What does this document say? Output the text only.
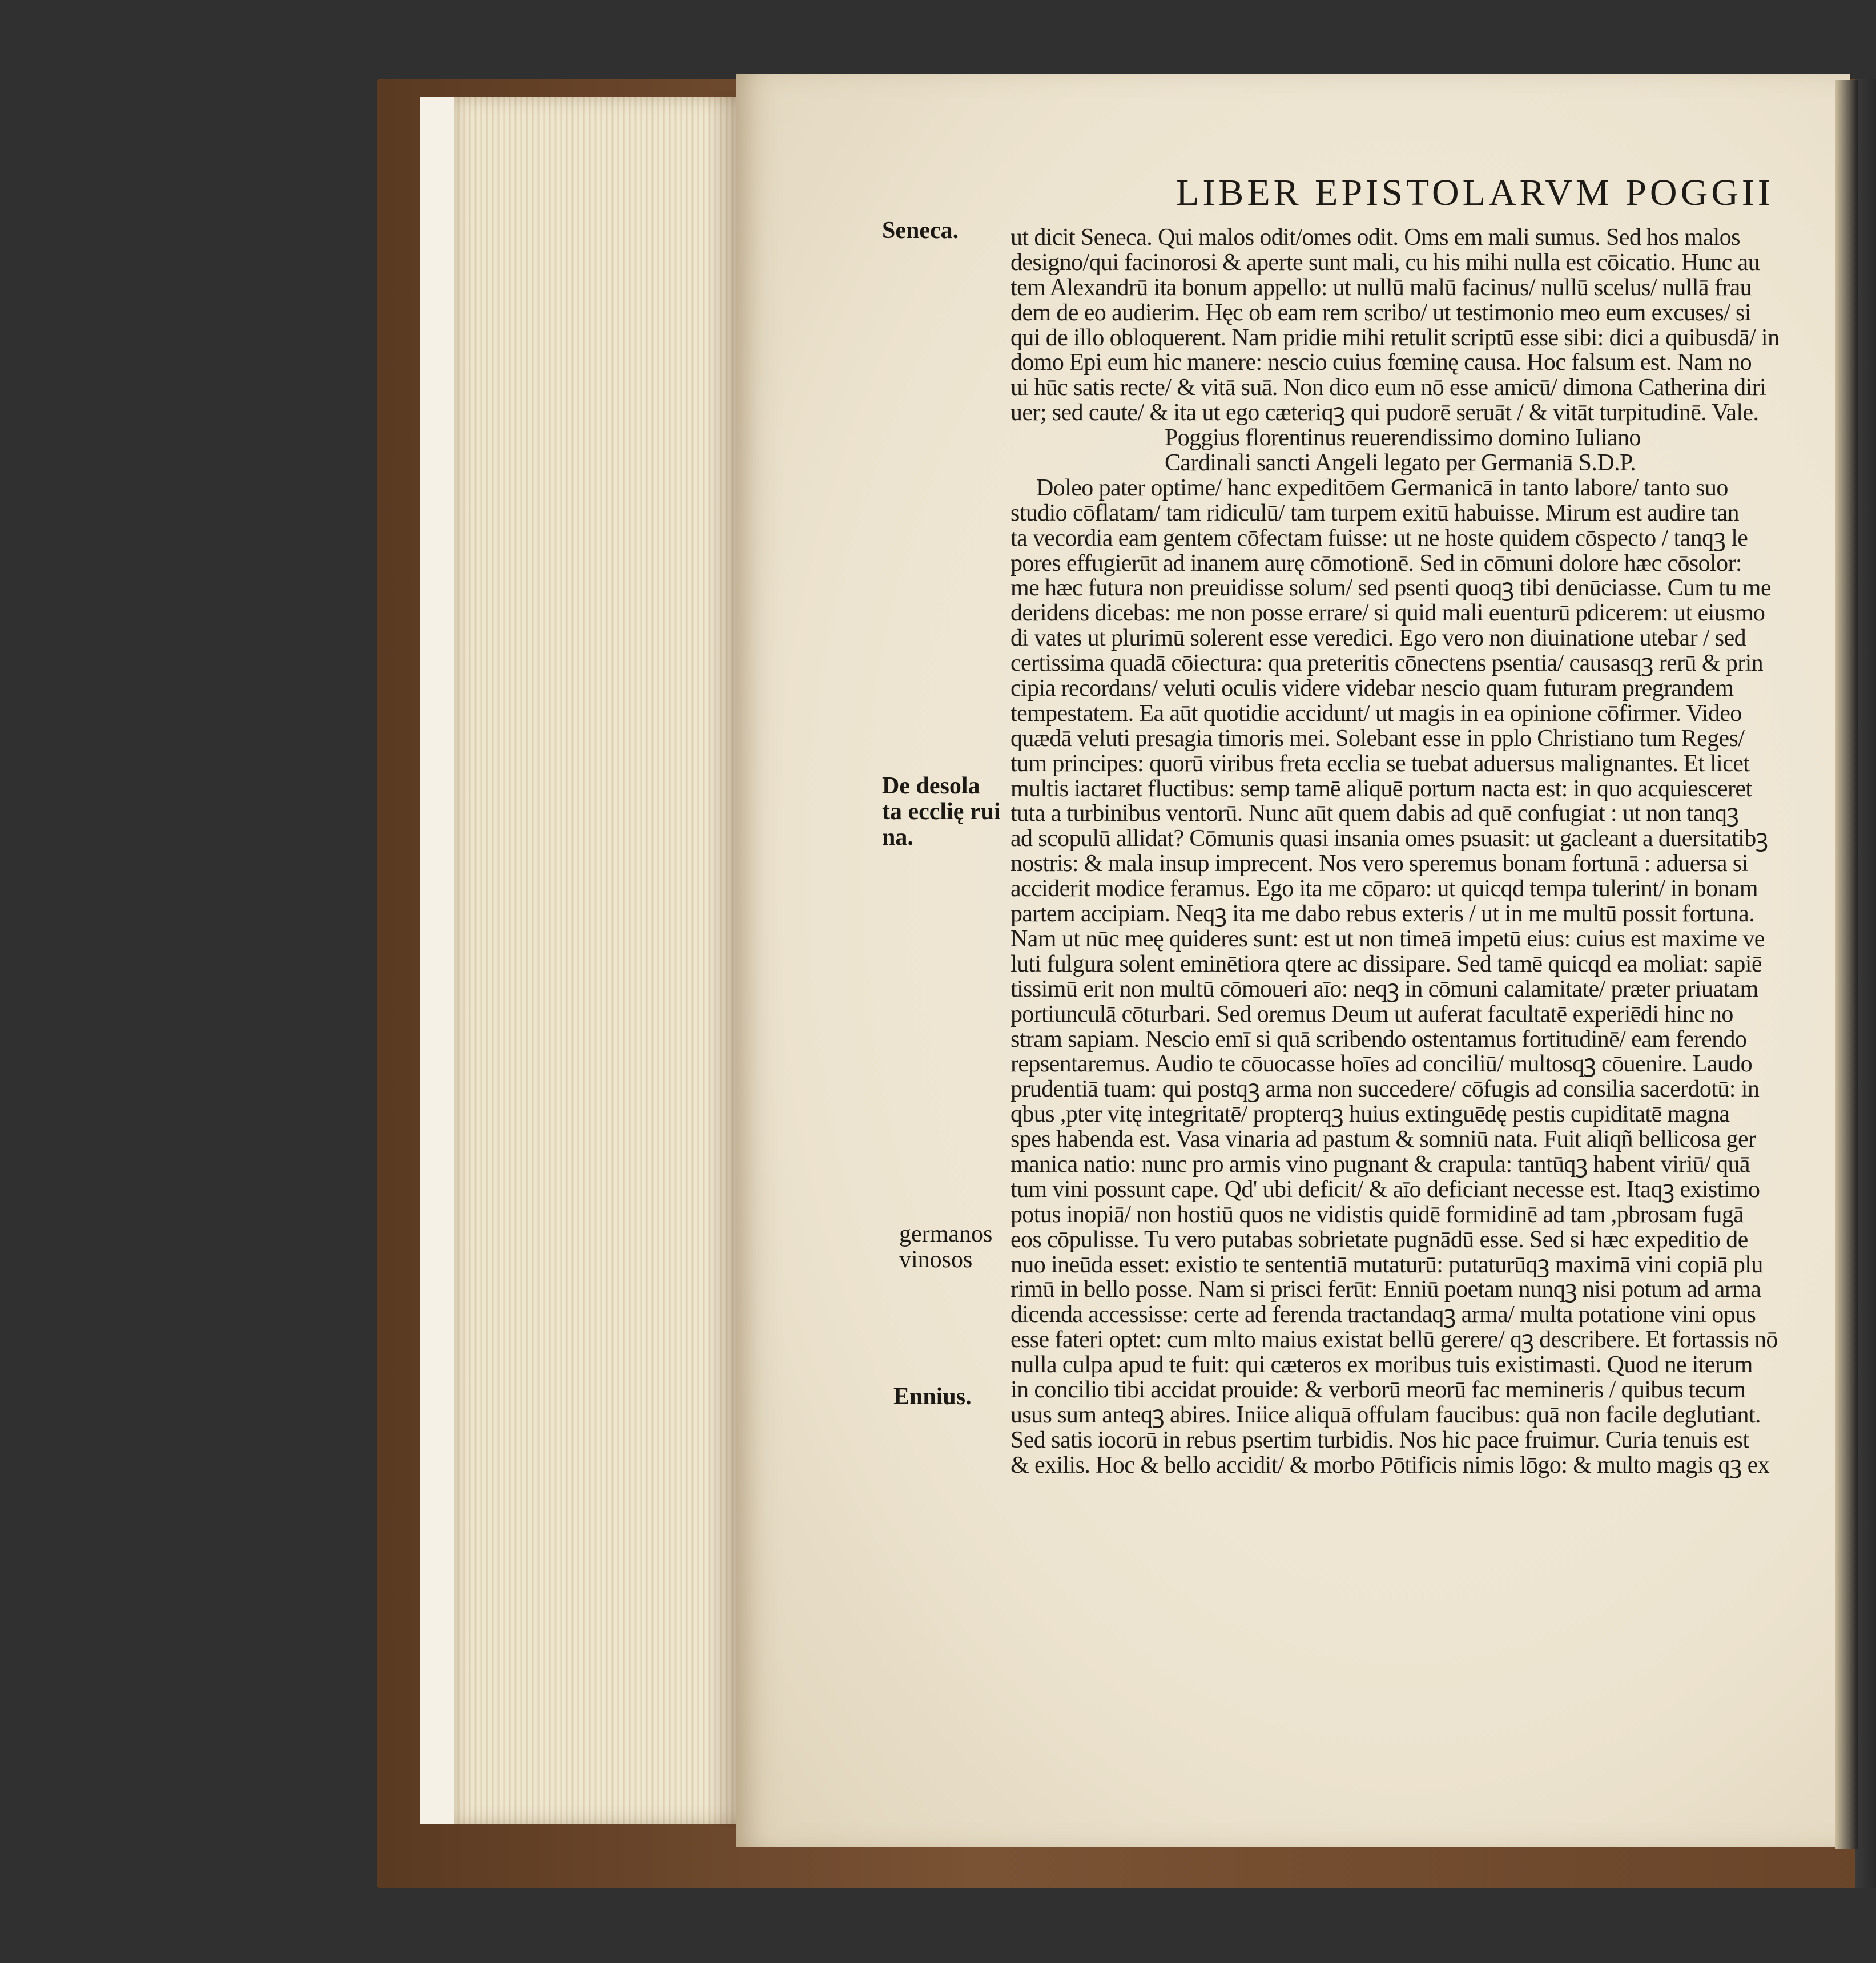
LIBER EPISTOLARVM POGGII
Seneca.
De desola
ta ecclię rui
na.
germanos
vinosos
Ennius.
ut dicit Seneca. Qui malos odit/omes odit. Oms em mali sumus. Sed hos malos
designo/qui facinorosi & aperte sunt mali, cu his mihi nulla est cōicatio. Hunc au
tem Alexandrū ita bonum appello: ut nullū malū facinus/ nullū scelus/ nullā frau
dem de eo audierim. Hęc ob eam rem scribo/ ut testimonio meo eum excuses/ si
qui de illo obloquerent. Nam pridie mihi retulit scriptū esse sibi: dici a quibusdā/ in
domo Epi eum hic manere: nescio cuius fœminę causa. Hoc falsum est. Nam no
ui hūc satis recte/ & vitā suā. Non dico eum nō esse amicū/ dimona Catherina diri
uer; sed caute/ & ita ut ego cæteriqꝫ qui pudorē seruāt / & vitāt turpitudinē. Vale.
Poggius florentinus reuerendissimo domino Iuliano
Cardinali sancti Angeli legato per Germaniā S.D.P.
Doleo pater optime/ hanc expeditōem Germanicā in tanto labore/ tanto suo
studio cōflatam/ tam ridiculū/ tam turpem exitū habuisse. Mirum est audire tan
ta vecordia eam gentem cōfectam fuisse: ut ne hoste quidem cōspecto / tanqꝫ le
pores effugierūt ad inanem aurę cōmotionē. Sed in cōmuni dolore hæc cōsolor:
me hæc futura non preuidisse solum/ sed psenti quoqꝫ tibi denūciasse. Cum tu me
deridens dicebas: me non posse errare/ si quid mali euenturū pdicerem: ut eiusmo
di vates ut plurimū solerent esse veredici. Ego vero non diuinatione utebar / sed
certissima quadā cōiectura: qua preteritis cōnectens psentia/ causasqꝫ rerū & prin
cipia recordans/ veluti oculis videre videbar nescio quam futuram pregrandem
tempestatem. Ea aūt quotidie accidunt/ ut magis in ea opinione cōfirmer. Video
quædā veluti presagia timoris mei. Solebant esse in pplo Christiano tum Reges/
tum principes: quorū viribus freta ecclia se tuebat aduersus malignantes. Et licet
multis iactaret fluctibus: semp tamē aliquē portum nacta est: in quo acquiesceret
tuta a turbinibus ventorū. Nunc aūt quem dabis ad quē confugiat : ut non tanqꝫ
ad scopulū allidat? Cōmunis quasi insania omes psuasit: ut gacleant a duersitatibꝫ
nostris: & mala insup imprecent. Nos vero speremus bonam fortunā : aduersa si
acciderit modice feramus. Ego ita me cōparo: ut quicqd tempa tulerint/ in bonam
partem accipiam. Neqꝫ ita me dabo rebus exteris / ut in me multū possit fortuna.
Nam ut nūc meę quideres sunt: est ut non timeā impetū eius: cuius est maxime ve
luti fulgura solent eminētiora qtere ac dissipare. Sed tamē quicqd ea moliat: sapiē
tissimū erit non multū cōmoueri aīo: neqꝫ in cōmuni calamitate/ præter priuatam
portiunculā cōturbari. Sed oremus Deum ut auferat facultatē experiēdi hinc no
stram sapiam. Nescio emī si quā scribendo ostentamus fortitudinē/ eam ferendo
repsentaremus. Audio te cōuocasse hoīes ad conciliū/ multosqꝫ cōuenire. Laudo
prudentiā tuam: qui postqꝫ arma non succedere/ cōfugis ad consilia sacerdotū: in
qbus ,pter vitę integritatē/ propterqꝫ huius extinguēdę pestis cupiditatē magna
spes habenda est. Vasa vinaria ad pastum & somniū nata. Fuit aliqñ bellicosa ger
manica natio: nunc pro armis vino pugnant & crapula: tantūqꝫ habent viriū/ quā
tum vini possunt cape. Qd' ubi deficit/ & aīo deficiant necesse est. Itaqꝫ existimo
potus inopiā/ non hostiū quos ne vidistis quidē formidinē ad tam ,pbrosam fugā
eos cōpulisse. Tu vero putabas sobrietate pugnādū esse. Sed si hæc expeditio de
nuo ineūda esset: existio te sententiā mutaturū: putaturūqꝫ maximā vini copiā plu
rimū in bello posse. Nam si prisci ferūt: Enniū poetam nunqꝫ nisi potum ad arma
dicenda accessisse: certe ad ferenda tractandaqꝫ arma/ multa potatione vini opus
esse fateri optet: cum mlto maius existat bellū gerere/ qꝫ describere. Et fortassis nō
nulla culpa apud te fuit: qui cæteros ex moribus tuis existimasti. Quod ne iterum
in concilio tibi accidat prouide: & verborū meorū fac memineris / quibus tecum
usus sum anteqꝫ abires. Iniice aliquā offulam faucibus: quā non facile deglutiant.
Sed satis iocorū in rebus psertim turbidis. Nos hic pace fruimur. Curia tenuis est
& exilis. Hoc & bello accidit/ & morbo Pōtificis nimis lōgo: & multo magis qꝫ ex
